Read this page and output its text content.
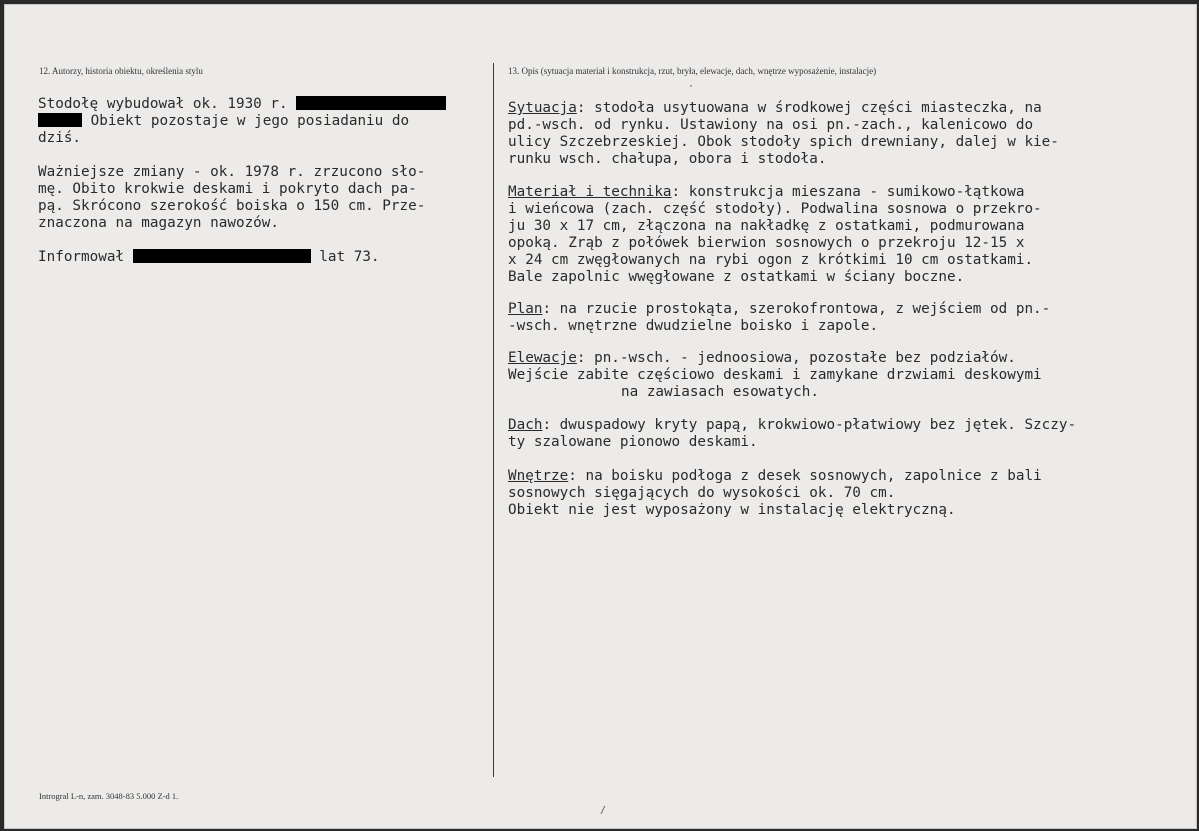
12. Autorzy, historia obiektu, określenia stylu	13. Opis (sytuacja materiał i konstrukcja, rzut, bryła, elewacje, dach, wnętrze wyposażenie, instalacje)
Stodołę wybudował ok. 1930 r.
Obiekt pozostaje w jego posiadaniu do
dziś.
Ważniejsze zmiany - ok. 1978 r. zrzucono sło-
mę. Obito krokwie deskami i pokryto dach pa-
pą. Skrócono szerokość boiska o 150 cm. Prze-
znaczona na magazyn nawozów.
Informował	lat 73.
Sytuacja: stodoła usytuowana w środkowej części miasteczka, na
pd.-wsch. od rynku. Ustawiony na osi pn.-zach., kalenicowo do
ulicy Szczebrzeskiej. Obok stodoły spich drewniany, dalej w kie-
runku wsch. chałupa, obora i stodoła.
Materiał i technika: konstrukcja mieszana - sumikowo-łątkowa
i wieńcowa (zach. część stodoły). Podwalina sosnowa o przekro-
ju 30 x 17 cm, złączona na nakładkę z ostatkami, podmurowana
opoką. Zrąb z połówek bierwion sosnowych o przekroju 12-15 x
x 24 cm zwęgłowanych na rybi ogon z krótkimi 10 cm ostatkami.
Bale zapolnic wwęgłowane z ostatkami w ściany boczne.
Plan: na rzucie prostokąta, szerokofrontowa, z wejściem od pn.-
-wsch. wnętrzne dwudzielne boisko i zapole.
Elewacje: pn.-wsch. - jednoosiowa, pozostałe bez podziałów.
Wejście zabite częściowo deskami i zamykane drzwiami deskowymi
na zawiasach esowatych.
Dach: dwuspadowy kryty papą, krokwiowo-płatwiowy bez jętek. Szczy-
ty szalowane pionowo deskami.
Wnętrze: na boisku podłoga z desek sosnowych, zapolnice z bali
sosnowych sięgających do wysokości ok. 70 cm.
Obiekt nie jest wyposażony w instalację elektryczną.
Introgral L-n, zam. 3048-83 5.000 Z-d 1.
·
/
